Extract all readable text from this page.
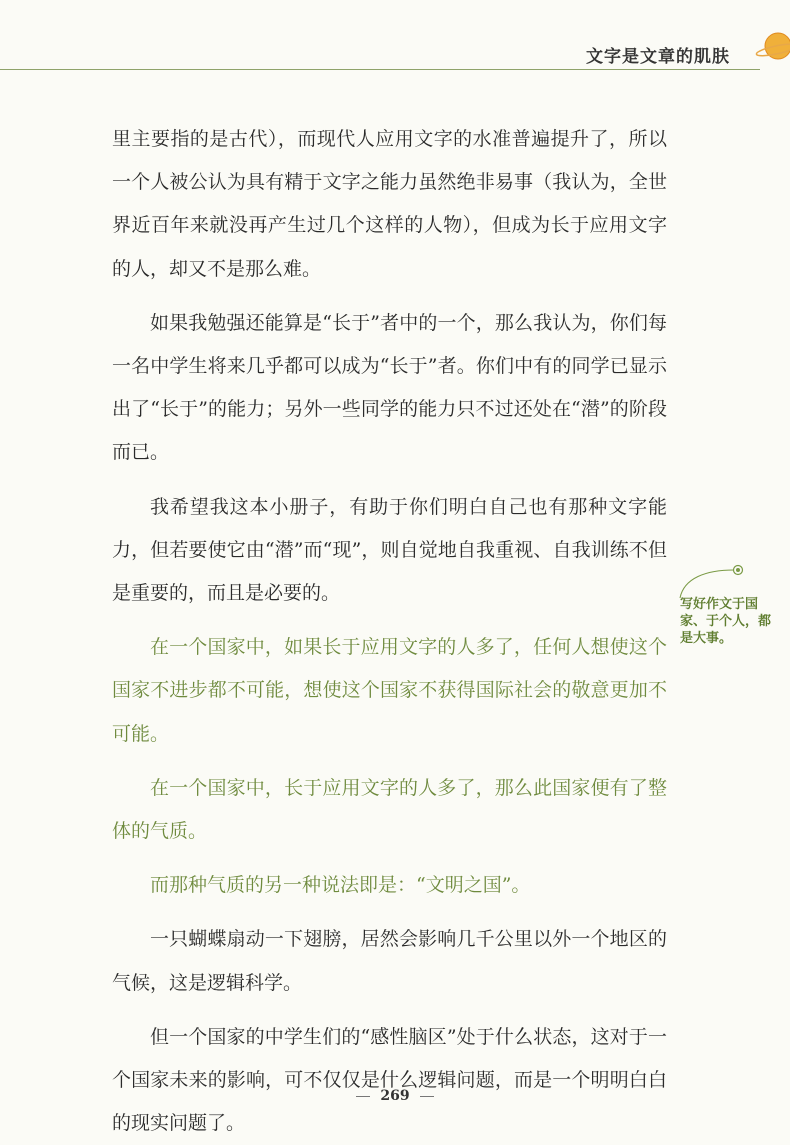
文字是文章的肌肤

里主要指的是古代），而现代人应用文字的水准普遍提升了，所以一个人被公认为具有精于文字之能力虽然绝非易事（我认为，全世界近百年来就没再产生过几个这样的人物），但成为长于应用文字的人，却又不是那么难。

如果我勉强还能算是“长于”者中的一个，那么我认为，你们每一名中学生将来几乎都可以成为“长于”者。你们中有的同学已显示出了“长于”的能力；另外一些同学的能力只不过还处在“潜”的阶段而已。

我希望我这本小册子，有助于你们明白自己也有那种文字能力，但若要使它由“潜”而“现”，则自觉地自我重视、自我训练不但是重要的，而且是必要的。

在一个国家中，如果长于应用文字的人多了，任何人想使这个国家不进步都不可能，想使这个国家不获得国际社会的敬意更加不可能。

在一个国家中，长于应用文字的人多了，那么此国家便有了整体的气质。

而那种气质的另一种说法即是：“文明之国”。

一只蝴蝶扇动一下翅膀，居然会影响几千公里以外一个地区的气候，这是逻辑科学。

但一个国家的中学生们的“感性脑区”处于什么状态，这对于一个国家未来的影响，可不仅仅是什么逻辑问题，而是一个明明白白的现实问题了。

写好作文于国家、于个人，都是大事。
269
